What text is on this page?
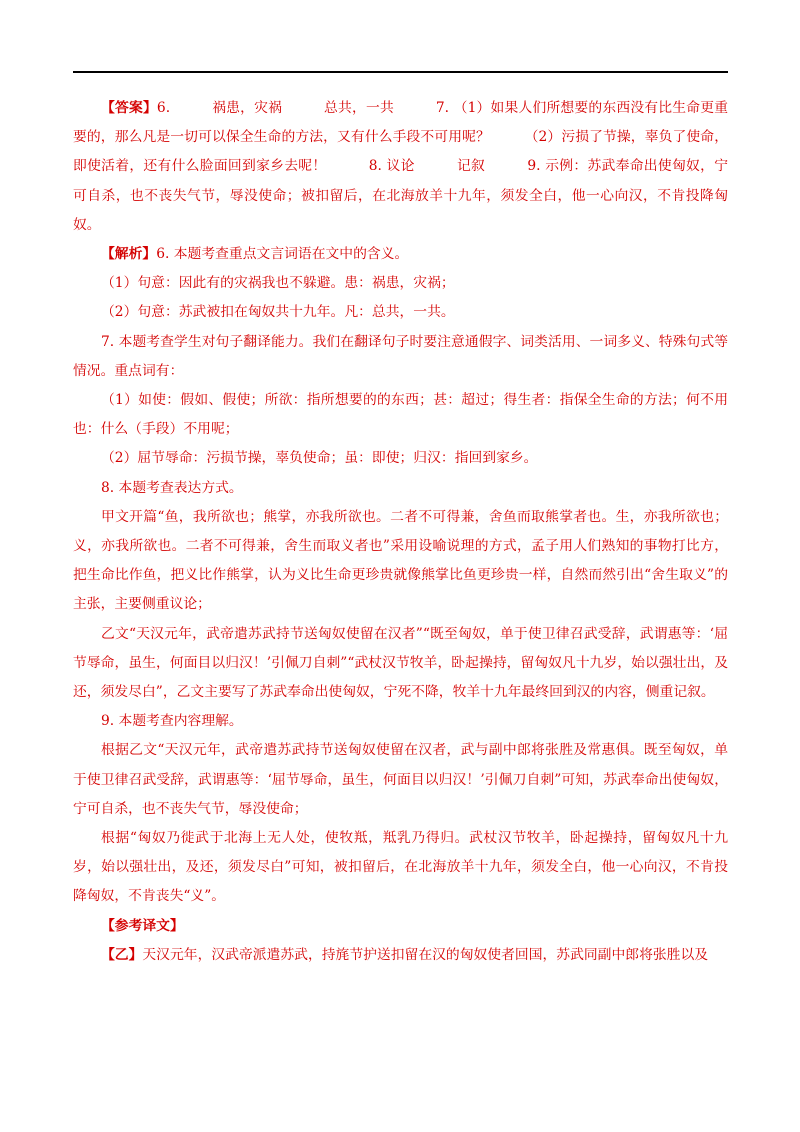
【答案】6.　　　祸患，灾祸　　　总共，一共　　　7. （1）如果人们所想要的东西没有比生命更重要的，那么凡是一切可以保全生命的方法，又有什么手段不可用呢？　　　（2）污损了节操，辜负了使命，即使活着，还有什么脸面回到家乡去呢！　　　8. 议论　　　记叙　　　9. 示例：苏武奉命出使匈奴，宁可自杀，也不丧失气节，辱没使命；被扣留后，在北海放羊十九年，须发全白，他一心向汉，不肯投降匈奴。

【解析】6. 本题考查重点文言词语在文中的含义。

（1）句意：因此有的灾祸我也不躲避。患：祸患，灾祸；

（2）句意：苏武被扣在匈奴共十九年。凡：总共，一共。

7. 本题考查学生对句子翻译能力。我们在翻译句子时要注意通假字、词类活用、一词多义、特殊句式等情况。重点词有：

（1）如使：假如、假使；所欲：指所想要的的东西；甚：超过；得生者：指保全生命的方法；何不用也：什么（手段）不用呢；

（2）屈节辱命：污损节操，辜负使命；虽：即使；归汉：指回到家乡。

8. 本题考查表达方式。

甲文开篇“鱼，我所欲也；熊掌，亦我所欲也。二者不可得兼，舍鱼而取熊掌者也。生，亦我所欲也；义，亦我所欲也。二者不可得兼，舍生而取义者也”采用设喻说理的方式，孟子用人们熟知的事物打比方，把生命比作鱼，把义比作熊掌，认为义比生命更珍贵就像熊掌比鱼更珍贵一样，自然而然引出“舍生取义”的主张，主要侧重议论；

乙文“天汉元年，武帝遣苏武持节送匈奴使留在汉者”“既至匈奴，单于使卫律召武受辞，武谓惠等：‘屈节辱命，虽生，何面目以归汉！’引佩刀自刺”“武杖汉节牧羊，卧起操持，留匈奴凡十九岁，始以强壮出，及还，须发尽白”，乙文主要写了苏武奉命出使匈奴，宁死不降，牧羊十九年最终回到汉的内容，侧重记叙。

9. 本题考查内容理解。

根据乙文“天汉元年，武帝遣苏武持节送匈奴使留在汉者，武与副中郎将张胜及常惠俱。既至匈奴，单于使卫律召武受辞，武谓惠等：‘屈节辱命，虽生，何面目以归汉！’引佩刀自刺”可知，苏武奉命出使匈奴，宁可自杀，也不丧失气节，辱没使命；

根据“匈奴乃徙武于北海上无人处，使牧羝，羝乳乃得归。武杖汉节牧羊，卧起操持，留匈奴凡十九岁，始以强壮出，及还，须发尽白”可知，被扣留后，在北海放羊十九年，须发全白，他一心向汉，不肯投降匈奴，不肯丧失“义”。

【参考译文】

【乙】天汉元年，汉武帝派遣苏武，持旄节护送扣留在汉的匈奴使者回国，苏武同副中郎将张胜以及
